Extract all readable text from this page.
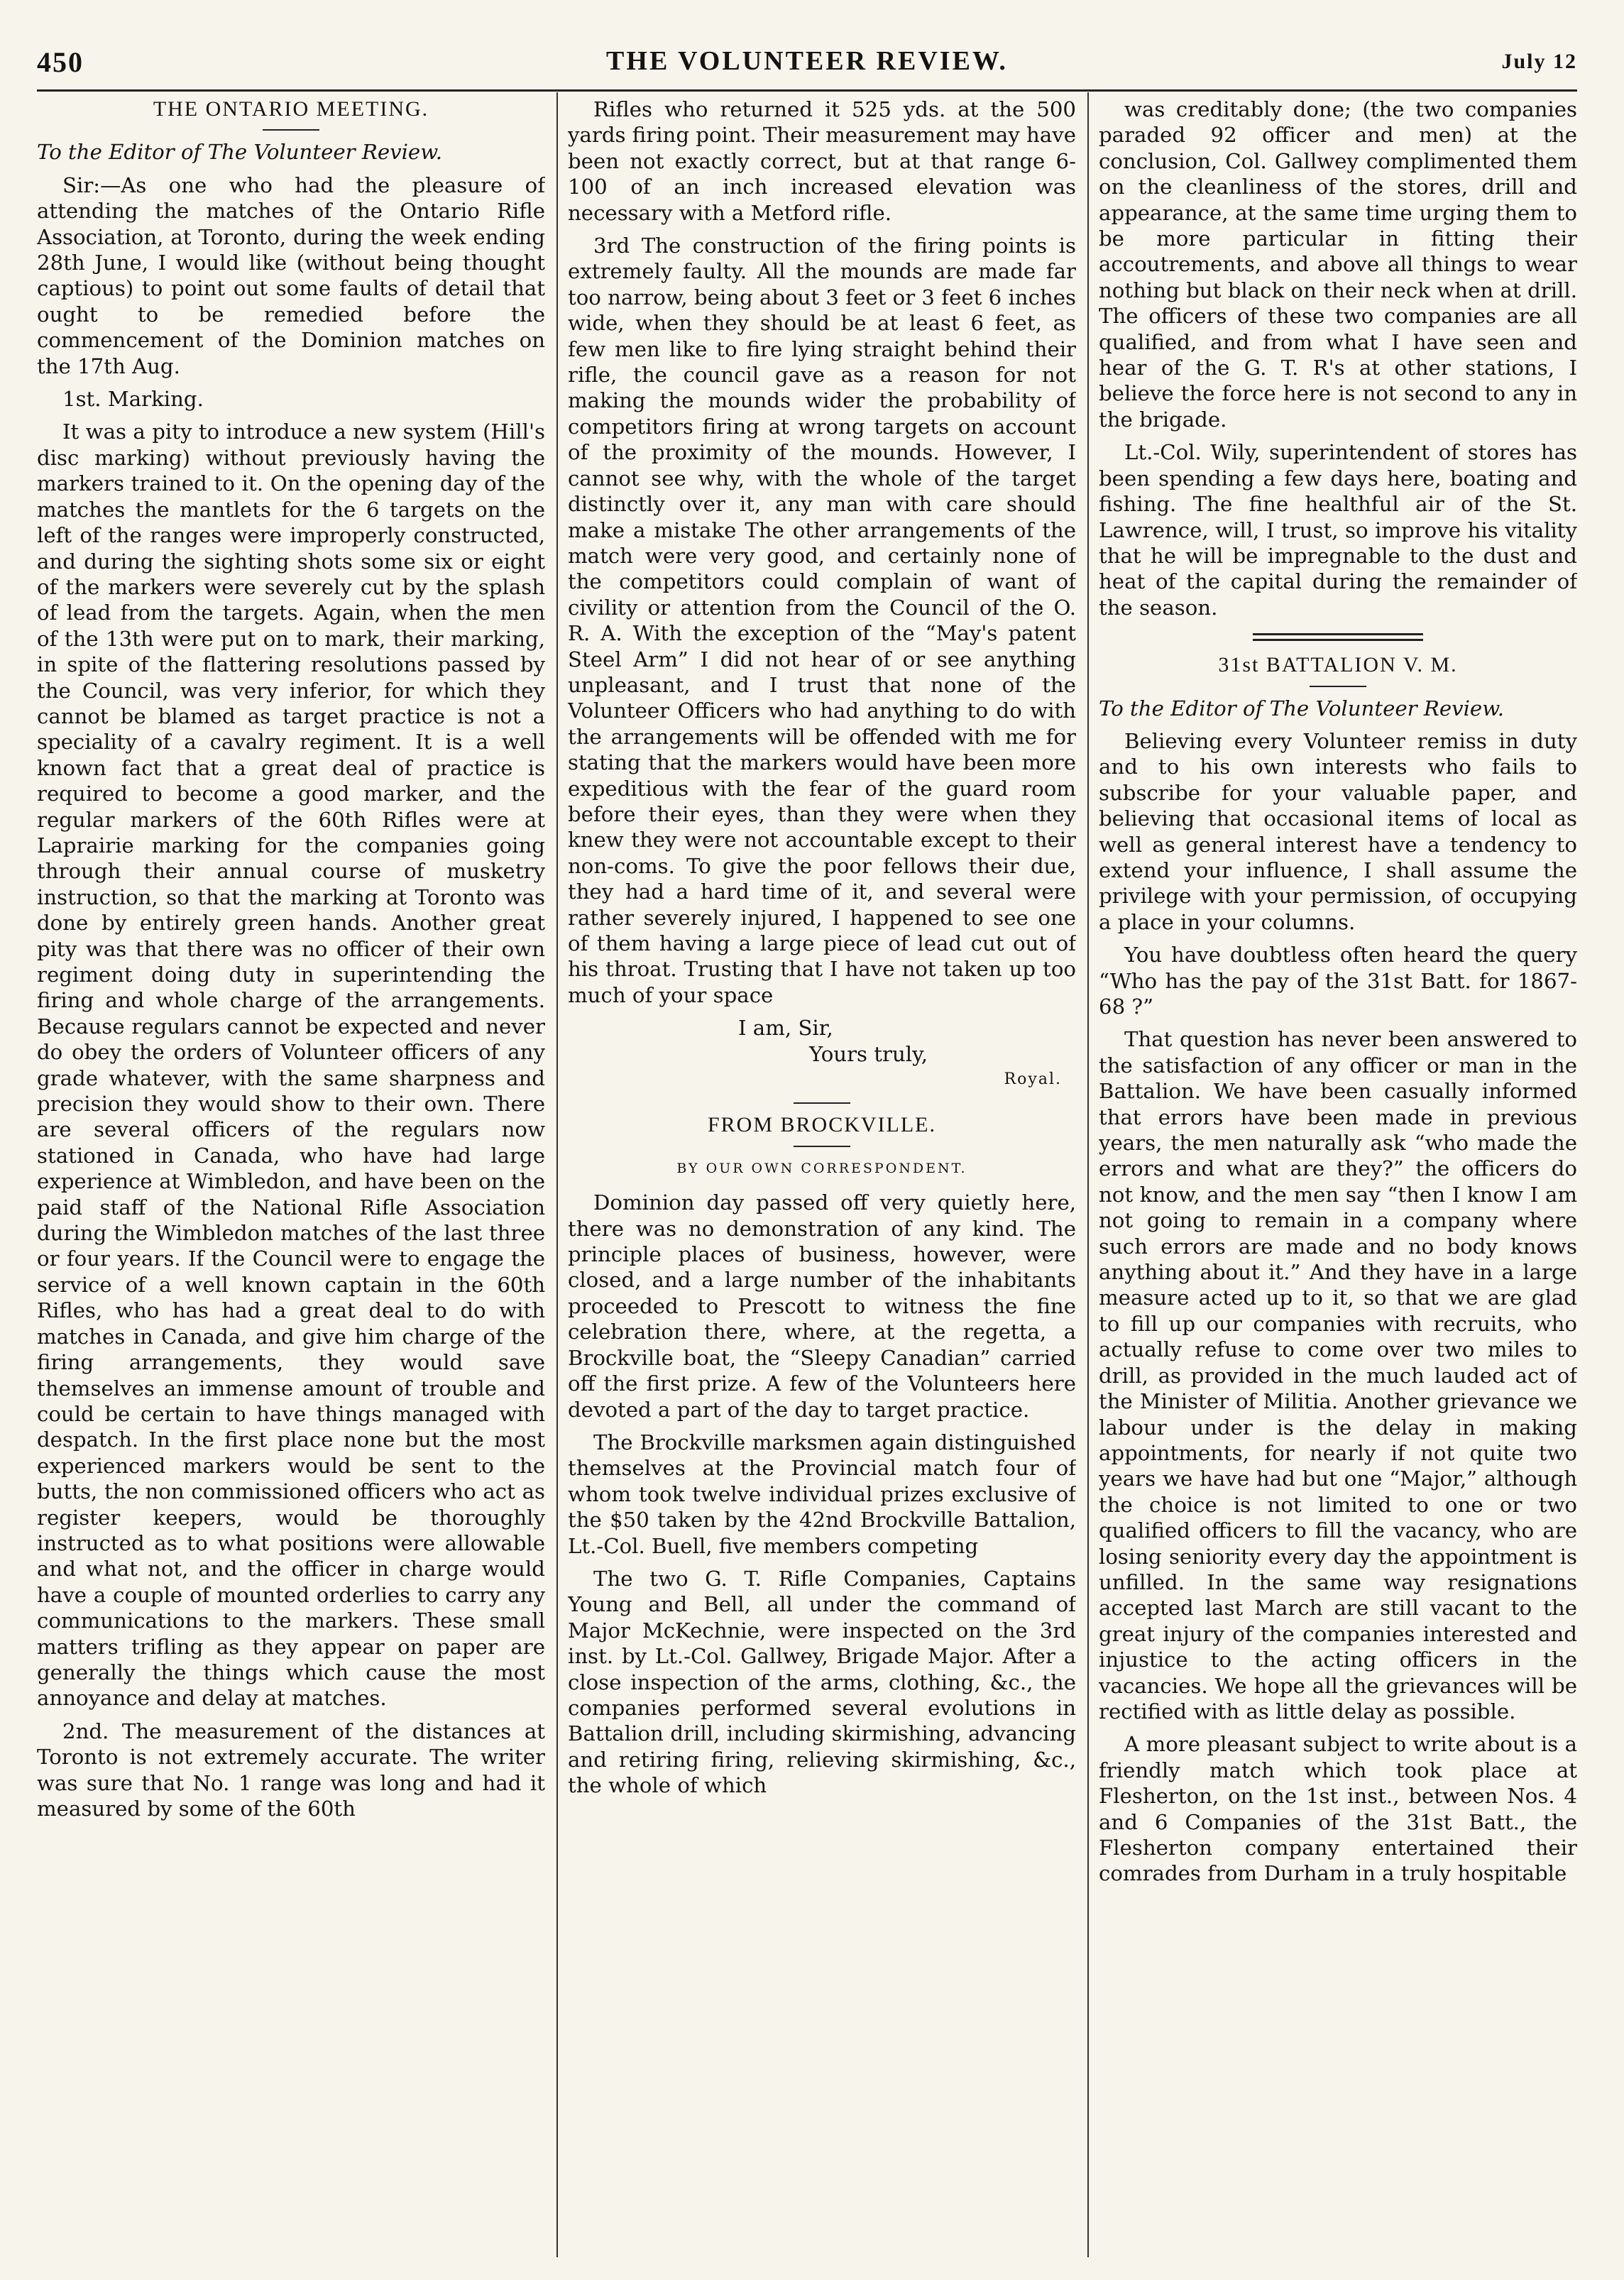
450	THE VOLUNTEER REVIEW.	July 12

THE ONTARIO MEETING.

To the Editor of The Volunteer Review.

Sir:—As one who had the pleasure of attending the matches of the Ontario Rifle Association, at Toronto, during the week ending 28th June, I would like (without being thought captious) to point out some faults of detail that ought to be remedied before the commencement of the Dominion matches on the 17th Aug.

1st. Marking.

It was a pity to introduce a new system (Hill's disc marking) without previously having the markers trained to it. On the opening day of the matches the mantlets for the 6 targets on the left of the ranges were improperly constructed, and during the sighting shots some six or eight of the markers were severely cut by the splash of lead from the targets. Again, when the men of the 13th were put on to mark, their marking, in spite of the flattering resolutions passed by the Council, was very inferior, for which they cannot be blamed as target practice is not a speciality of a cavalry regiment. It is a well known fact that a great deal of practice is required to become a good marker, and the regular markers of the 60th Rifles were at Laprairie marking for the companies going through their annual course of musketry instruction, so that the marking at Toronto was done by entirely green hands. Another great pity was that there was no officer of their own regiment doing duty in superintending the firing and whole charge of the arrangements. Because regulars cannot be expected and never do obey the orders of Volunteer officers of any grade whatever, with the same sharpness and precision they would show to their own. There are several officers of the regulars now stationed in Canada, who have had large experience at Wimbledon, and have been on the paid staff of the National Rifle Association during the Wimbledon matches of the last three or four years. If the Council were to engage the service of a well known captain in the 60th Rifles, who has had a great deal to do with matches in Canada, and give him charge of the firing arrangements, they would save themselves an immense amount of trouble and could be certain to have things managed with despatch. In the first place none but the most experienced markers would be sent to the butts, the non commissioned officers who act as register keepers, would be thoroughly instructed as to what positions were allowable and what not, and the officer in charge would have a couple of mounted orderlies to carry any communications to the markers. These small matters trifling as they appear on paper are generally the things which cause the most annoyance and delay at matches.

2nd. The measurement of the distances at Toronto is not extremely accurate. The writer was sure that No. 1 range was long and had it measured by some of the 60th

Rifles who returned it 525 yds. at the 500 yards firing point. Their measurement may have been not exactly correct, but at that range 6-100 of an inch increased elevation was necessary with a Metford rifle.

3rd The construction of the firing points is extremely faulty. All the mounds are made far too narrow, being about 3 feet or 3 feet 6 inches wide, when they should be at least 6 feet, as few men like to fire lying straight behind their rifle, the council gave as a reason for not making the mounds wider the probability of competitors firing at wrong targets on account of the proximity of the mounds. However, I cannot see why, with the whole of the target distinctly over it, any man with care should make a mistake The other arrangements of the match were very good, and certainly none of the competitors could complain of want of civility or attention from the Council of the O. R. A. With the exception of the “May's patent Steel Arm” I did not hear of or see anything unpleasant, and I trust that none of the Volunteer Officers who had anything to do with the arrangements will be offended with me for stating that the markers would have been more expeditious with the fear of the guard room before their eyes, than they were when they knew they were not accountable except to their non-coms. To give the poor fellows their due, they had a hard time of it, and several were rather severely injured, I happened to see one of them having a large piece of lead cut out of his throat. Trusting that I have not taken up too much of your space

I am, Sir,

Yours truly,

Royal.

FROM BROCKVILLE.

BY OUR OWN CORRESPONDENT.

Dominion day passed off very quietly here, there was no demonstration of any kind. The principle places of business, however, were closed, and a large number of the inhabitants proceeded to Prescott to witness the fine celebration there, where, at the regetta, a Brockville boat, the “Sleepy Canadian” carried off the first prize. A few of the Volunteers here devoted a part of the day to target practice.

The Brockville marksmen again distinguished themselves at the Provincial match four of whom took twelve individual prizes exclusive of the $50 taken by the 42nd Brockville Battalion, Lt.-Col. Buell, five members competing

The two G. T. Rifle Companies, Captains Young and Bell, all under the command of Major McKechnie, were inspected on the 3rd inst. by Lt.-Col. Gallwey, Brigade Major. After a close inspection of the arms, clothing, &c., the companies performed several evolutions in Battalion drill, including skirmishing, advancing and retiring firing, relieving skirmishing, &c., the whole of which

was creditably done; (the two companies paraded 92 officer and men) at the conclusion, Col. Gallwey complimented them on the cleanliness of the stores, drill and appearance, at the same time urging them to be more particular in fitting their accoutrements, and above all things to wear nothing but black on their neck when at drill. The officers of these two companies are all qualified, and from what I have seen and hear of the G. T. R's at other stations, I believe the force here is not second to any in the brigade.

Lt.-Col. Wily, superintendent of stores has been spending a few days here, boating and fishing. The fine healthful air of the St. Lawrence, will, I trust, so improve his vitality that he will be impregnable to the dust and heat of the capital during the remainder of the season.

31st BATTALION V. M.

To the Editor of The Volunteer Review.

Believing every Volunteer remiss in duty and to his own interests who fails to subscribe for your valuable paper, and believing that occasional items of local as well as general interest have a tendency to extend your influence, I shall assume the privilege with your permission, of occupying a place in your columns.

You have doubtless often heard the query “Who has the pay of the 31st Batt. for 1867-68 ?”

That question has never been answered to the satisfaction of any officer or man in the Battalion. We have been casually informed that errors have been made in previous years, the men naturally ask “who made the errors and what are they?” the officers do not know, and the men say “then I know I am not going to remain in a company where such errors are made and no body knows anything about it.” And they have in a large measure acted up to it, so that we are glad to fill up our companies with recruits, who actually refuse to come over two miles to drill, as provided in the much lauded act of the Minister of Militia. Another grievance we labour under is the delay in making appointments, for nearly if not quite two years we have had but one “Major,” although the choice is not limited to one or two qualified officers to fill the vacancy, who are losing seniority every day the appointment is unfilled. In the same way resignations accepted last March are still vacant to the great injury of the companies interested and injustice to the acting officers in the vacancies. We hope all the grievances will be rectified with as little delay as possible.

A more pleasant subject to write about is a friendly match which took place at Flesherton, on the 1st inst., between Nos. 4 and 6 Companies of the 31st Batt., the Flesherton company entertained their comrades from Durham in a truly hospitable
